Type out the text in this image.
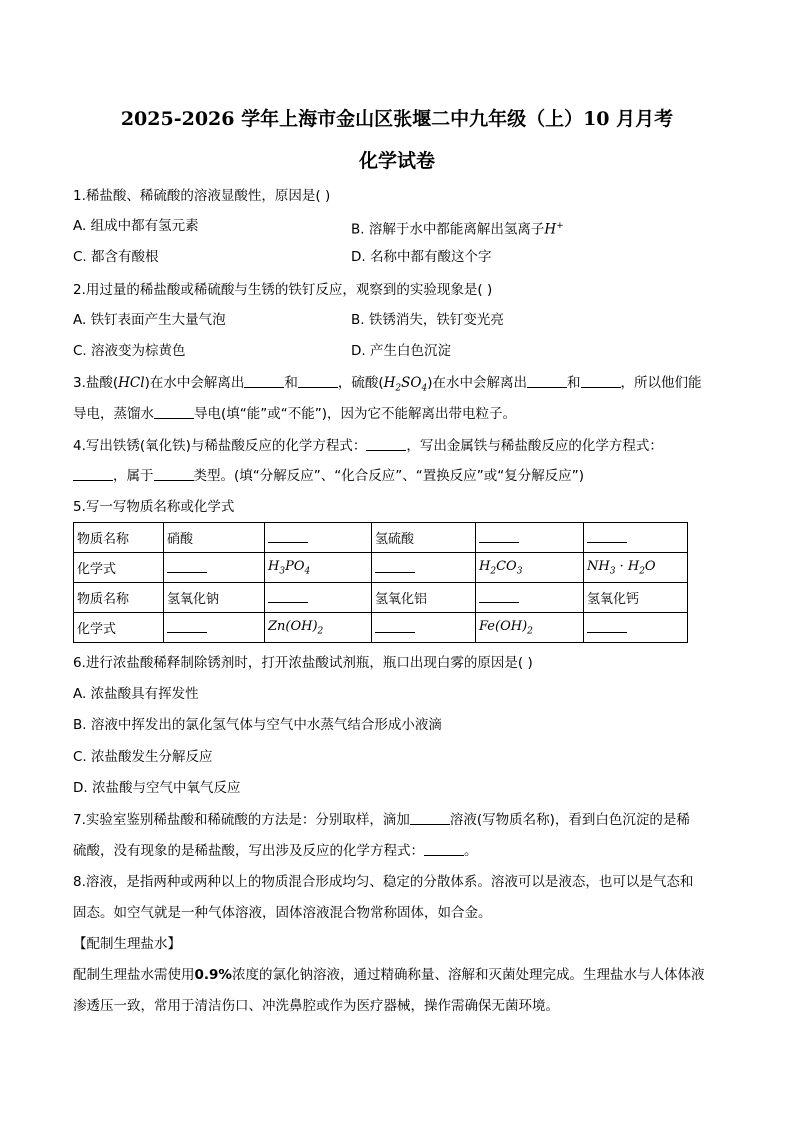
2025-2026 学年上海市金山区张堰二中九年级（上）10 月月考
化学试卷
1.稀盐酸、稀硫酸的溶液显酸性，原因是( )
A. 组成中都有氢元素	B. 溶解于水中都能离解出氢离子H+
C. 都含有酸根	D. 名称中都有酸这个字
2.用过量的稀盐酸或稀硫酸与生锈的铁钉反应，观察到的实验现象是( )
A. 铁钉表面产生大量气泡	B. 铁锈消失，铁钉变光亮
C. 溶液变为棕黄色	D. 产生白色沉淀
3.盐酸(HCl)在水中会解离出	和	，硫酸$(H_2SO_4)$在水中会解离出	和	，所以他们能
导电，蒸馏水	导电(填“能”或“不能”)，因为它不能解离出带电粒子。
4.写出铁锈(氧化铁)与稀盐酸反应的化学方程式：	，写出金属铁与稀盐酸反应的化学方程式：
，属于	类型。(填“分解反应”、“化合反应”、“置换反应”或“复分解反应”)
5.写一写物质名称或化学式
物质名称	硝酸		氢硫酸		
化学式		$H_3PO_4$		$H_2CO_3$	$NH_3 \cdot H_2O$
物质名称	氢氧化钠		氢氧化铝		氢氧化钙
化学式		$Zn(OH)_2$		$Fe(OH)_2$	
6.进行浓盐酸稀释制除锈剂时，打开浓盐酸试剂瓶，瓶口出现白雾的原因是( )
A. 浓盐酸具有挥发性
B. 溶液中挥发出的氯化氢气体与空气中水蒸气结合形成小液滴
C. 浓盐酸发生分解反应
D. 浓盐酸与空气中氧气反应
7.实验室鉴别稀盐酸和稀硫酸的方法是：分别取样，滴加	溶液(写物质名称)，看到白色沉淀的是稀
硫酸，没有现象的是稀盐酸，写出涉及反应的化学方程式：	。
8.溶液，是指两种或两种以上的物质混合形成均匀、稳定的分散体系。溶液可以是液态，也可以是气态和
固态。如空气就是一种气体溶液，固体溶液混合物常称固体，如合金。
【配制生理盐水】
配制生理盐水需使用0.9%浓度的氯化钠溶液，通过精确称量、溶解和灭菌处理完成。生理盐水与人体体液
渗透压一致，常用于清洁伤口、冲洗鼻腔或作为医疗器械，操作需确保无菌环境。
